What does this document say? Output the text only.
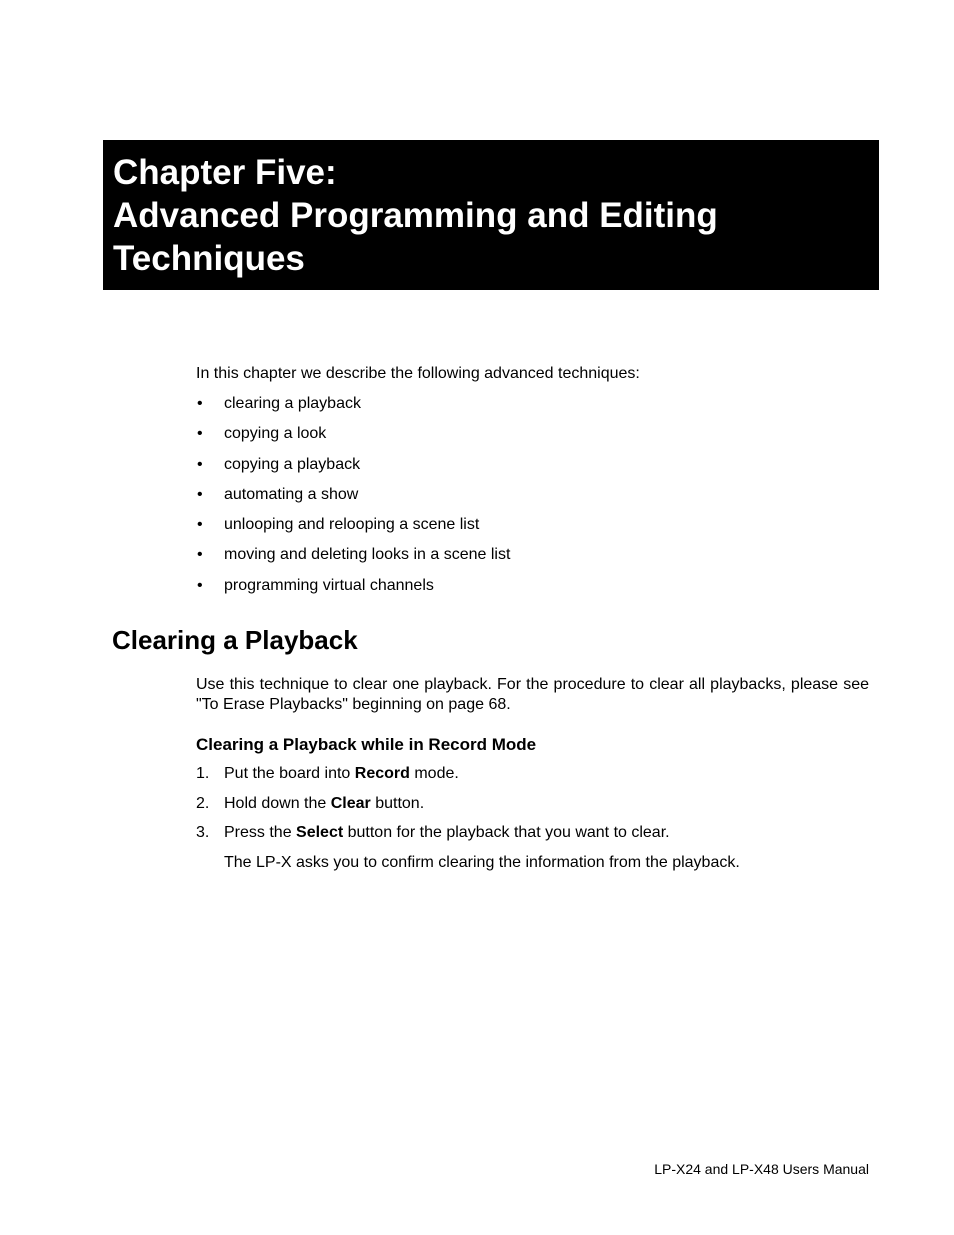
Chapter Five:
Advanced Programming and Editing
Techniques
In this chapter we describe the following advanced techniques:
• clearing a playback
• copying a look
• copying a playback
• automating a show
• unlooping and relooping a scene list
• moving and deleting looks in a scene list
• programming virtual channels
Clearing a Playback

Use this technique to clear one playback. For the procedure to clear all playbacks, please see "To Erase Playbacks" beginning on page 68.

Clearing a Playback while in Record Mode
1. Put the board into Record mode.
2. Hold down the Clear button.
3. Press the Select button for the playback that you want to clear.
The LP-X asks you to confirm clearing the information from the playback.
LP-X24 and LP-X48 Users Manual
